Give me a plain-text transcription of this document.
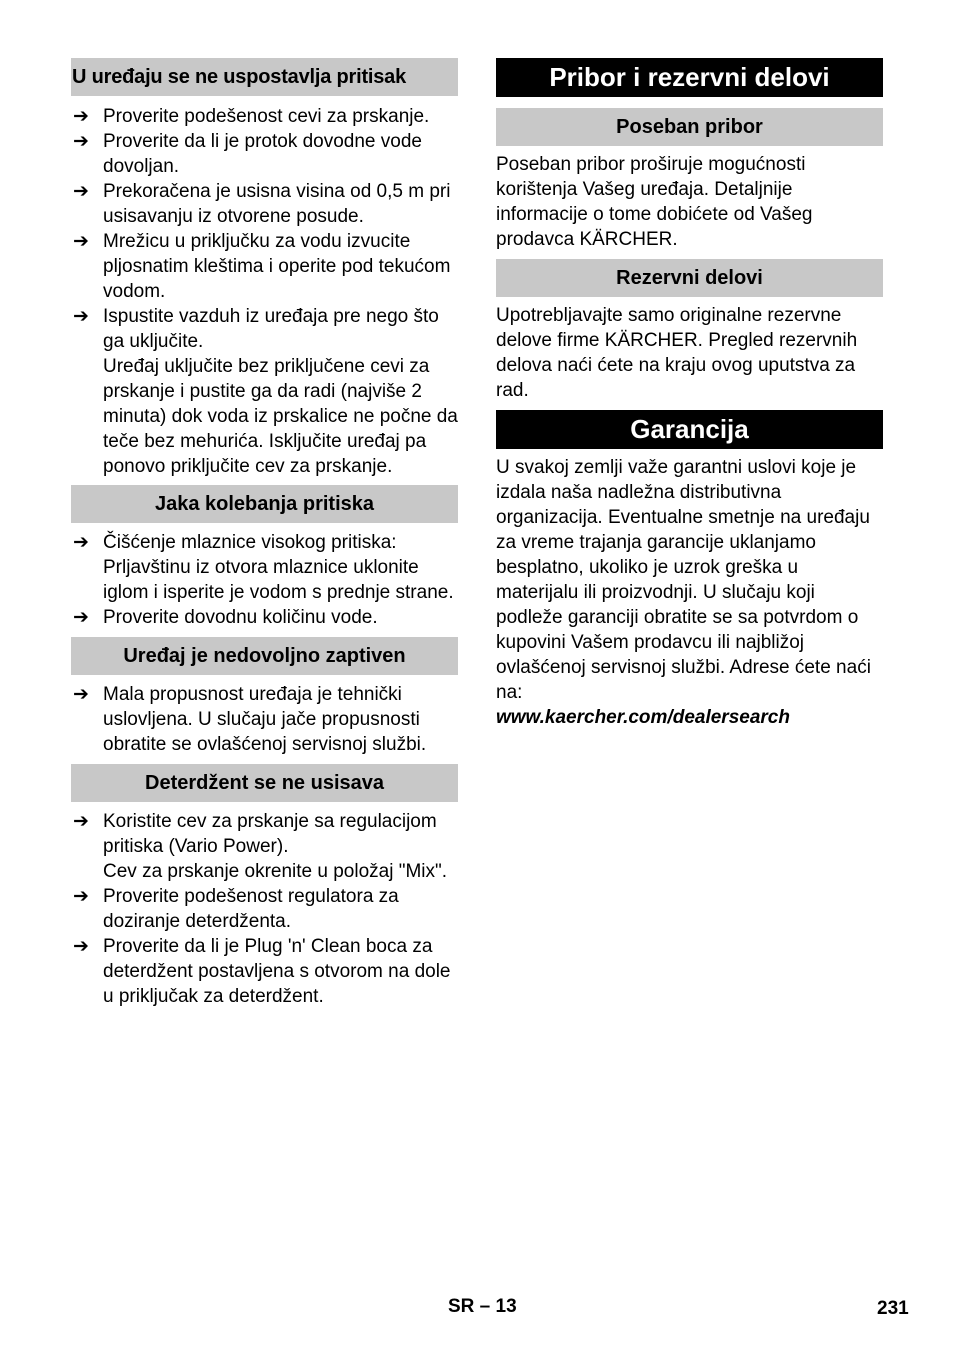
U uređaju se ne uspostavlja pritisak
➔ Proverite podešenost cevi za prskanje.
➔ Proverite da li je protok dovodne vode dovoljan.
➔ Prekoračena je usisna visina od 0,5 m pri usisavanju iz otvorene posude.
➔ Mrežicu u priključku za vodu izvucite pljosnatim kleštima i operite pod tekućom vodom.
➔ Ispustite vazduh iz uređaja pre nego što ga uključite.
Uređaj uključite bez priključene cevi za prskanje i pustite ga da radi (najviše 2 minuta) dok voda iz prskalice ne počne da teče bez mehurića. Isključite uređaj pa ponovo priključite cev za prskanje.
Jaka kolebanja pritiska
➔ Čišćenje mlaznice visokog pritiska: Prljavštinu iz otvora mlaznice uklonite iglom i isperite je vodom s prednje strane.
➔ Proverite dovodnu količinu vode.
Uređaj je nedovoljno zaptiven
➔ Mala propusnost uređaja je tehnički uslovljena. U slučaju jače propusnosti obratite se ovlašćenoj servisnoj službi.
Deterdžent se ne usisava
➔ Koristite cev za prskanje sa regulacijom pritiska (Vario Power).
Cev za prskanje okrenite u položaj "Mix".
➔ Proverite podešenost regulatora za doziranje deterdženta.
➔ Proverite da li je Plug 'n' Clean boca za deterdžent postavljena s otvorom na dole u priključak za deterdžent.
Pribor i rezervni delovi
Poseban pribor
Poseban pribor proširuje mogućnosti korištenja Vašeg uređaja. Detaljnije informacije o tome dobićete od Vašeg prodavca KÄRCHER.
Rezervni delovi
Upotrebljavajte samo originalne rezervne delove firme KÄRCHER. Pregled rezervnih delova naći ćete na kraju ovog uputstva za rad.
Garancija
U svakoj zemlji važe garantni uslovi koje je izdala naša nadležna distributivna organizacija. Eventualne smetnje na uređaju za vreme trajanja garancije uklanjamo besplatno, ukoliko je uzrok greška u materijalu ili proizvodnji. U slučaju koji podleže garanciji obratite se sa potvrdom o kupovini Vašem prodavcu ili najbližoj ovlašćenoj servisnoj službi. Adrese ćete naći na:
www.kaercher.com/dealersearch
SR – 13	231
